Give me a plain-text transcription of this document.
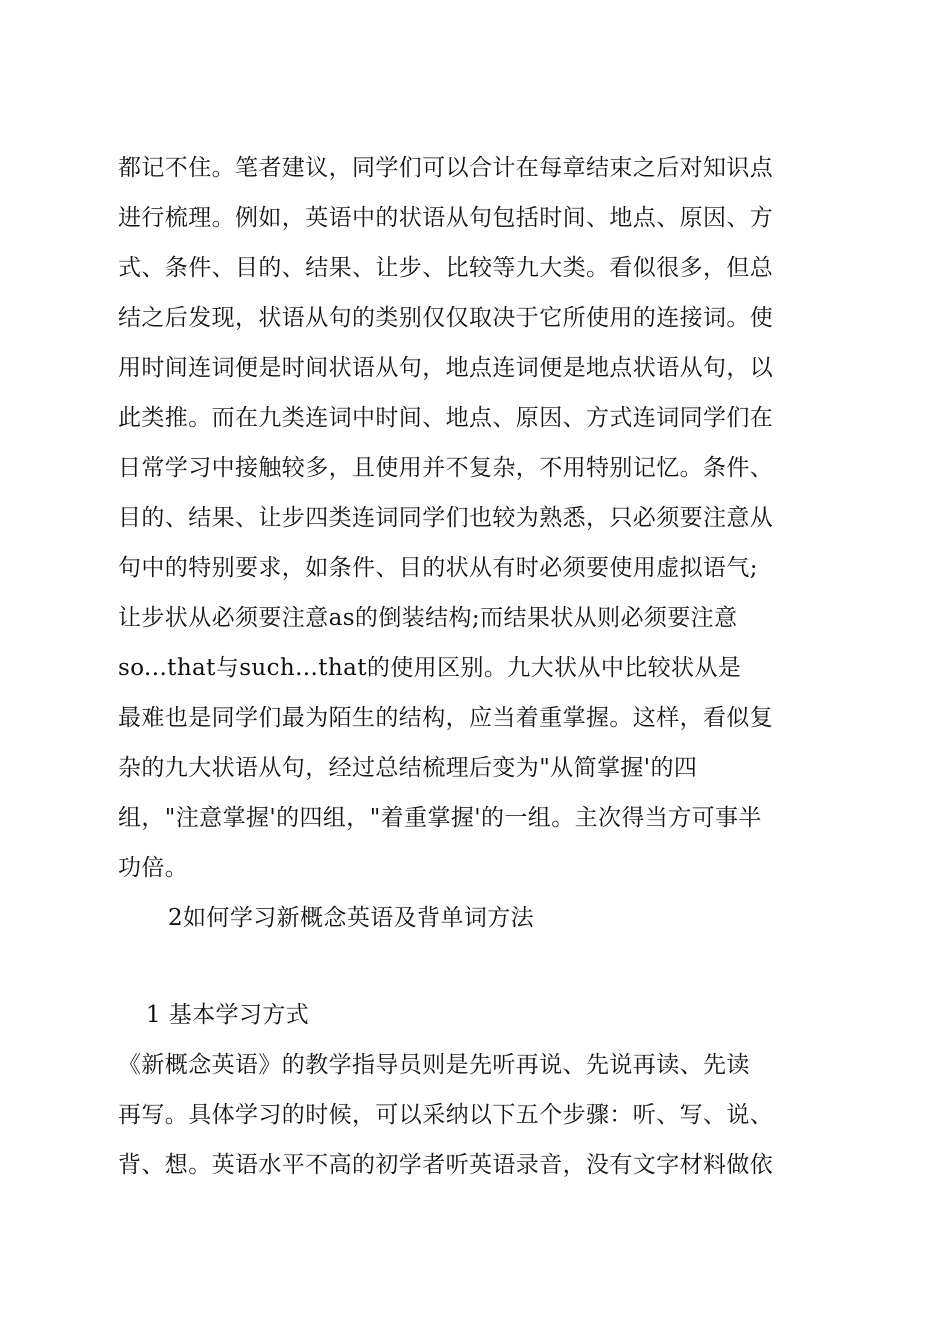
都记不住。笔者建议，同学们可以合计在每章结束之后对知识点
进行梳理。例如，英语中的状语从句包括时间、地点、原因、方
式、条件、目的、结果、让步、比较等九大类。看似很多，但总
结之后发现，状语从句的类别仅仅取决于它所使用的连接词。使
用时间连词便是时间状语从句，地点连词便是地点状语从句，以
此类推。而在九类连词中时间、地点、原因、方式连词同学们在
日常学习中接触较多，且使用并不复杂，不用特别记忆。条件、
目的、结果、让步四类连词同学们也较为熟悉，只必须要注意从
句中的特别要求，如条件、目的状从有时必须要使用虚拟语气;
让步状从必须要注意as的倒装结构;而结果状从则必须要注意
so...that与such...that的使用区别。九大状从中比较状从是
最难也是同学们最为陌生的结构，应当着重掌握。这样，看似复
杂的九大状语从句，经过总结梳理后变为"从简掌握'的四
组，"注意掌握'的四组，"着重掌握'的一组。主次得当方可事半
功倍。
2如何学习新概念英语及背单词方法
1 基本学习方式
《新概念英语》的教学指导员则是先听再说、先说再读、先读
再写。具体学习的时候，可以采纳以下五个步骤：听、写、说、
背、想。英语水平不高的初学者听英语录音，没有文字材料做依
